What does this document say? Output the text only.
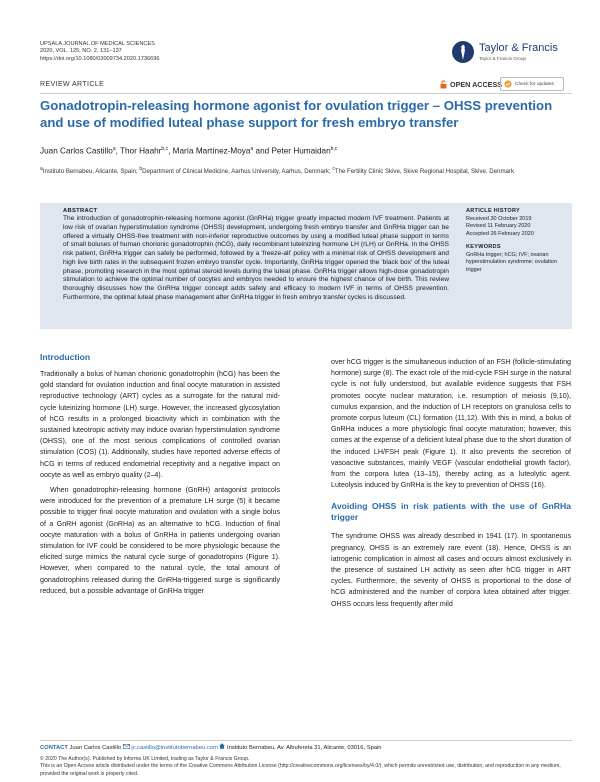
UPSALA JOURNAL OF MEDICAL SCIENCES
2020, VOL. 125, NO. 2, 131–137
https://doi.org/10.1080/03009734.2020.1736696
Taylor & Francis
Taylor & Francis Group
REVIEW ARTICLE	OPEN ACCESS	Check for updates
Gonadotropin-releasing hormone agonist for ovulation trigger – OHSS prevention and use of modified luteal phase support for fresh embryo transfer
Juan Carlos Castillo$^a$, Thor Haahr$^{b,c}$, María Martínez-Moya$^a$ and Peter Humaidan$^{b,c}$
$^a$Instituto Bernabeu, Alicante, Spain; $^b$Department of Clinical Medicine, Aarhus University, Aarhus, Denmark; $^c$The Fertility Clinic Skive, Skive Regional Hospital, Skive, Denmark
ABSTRACT
The introduction of gonadotrophin-releasing hormone agonist (GnRHa) trigger greatly impacted modern IVF treatment. Patients at low risk of ovarian hyperstimulation syndrome (OHSS) development, undergoing fresh embryo transfer and GnRHa trigger can be offered a virtually OHSS-free treatment with non-inferior reproductive outcomes by using a modified luteal phase support in terms of small boluses of human chorionic gonadotrophin (hCG), daily recombinant luteinizing hormone LH (rLH) or GnRHa. In the OHSS risk patient, GnRHa trigger can safely be performed, followed by a 'freeze-all' policy with a minimal risk of OHSS development and high live birth rates in the subsequent frozen embryo transfer cycle. Importantly, GnRHa trigger opened the 'black box' of the luteal phase, promoting research in the most optimal steroid levels during the luteal phase. GnRHa trigger allows high-dose gonadotropin stimulation to achieve the optimal number of oocytes and embryos needed to ensure the highest chance of live birth. This review thoroughly discusses how the GnRHa trigger concept adds safety and efficacy to modern IVF in terms of OHSS prevention. Furthermore, the optimal luteal phase management after GnRHa trigger in fresh embryo transfer cycles is discussed.
ARTICLE HISTORY
Received 30 October 2019
Revised 11 February 2020
Accepted 26 February 2020
KEYWORDS
GnRHa trigger; hCG; IVF; ovarian hyperstimulation syndrome; ovulation trigger
Introduction

Traditionally a bolus of human chorionic gonadotrophin (hCG) has been the gold standard for ovulation induction and final oocyte maturation in assisted reproductive technology (ART) cycles as a surrogate for the natural mid-cycle luteinizing hormone (LH) surge. However, the increased glycosylation of hCG results in a prolonged bioactivity which in combination with the sustained luteotropic activity may induce ovarian hyperstimulation syndrome (OHSS), one of the most serious complications of controlled ovarian stimulation (COS) (1). Additionally, studies have reported adverse effects of hCG in terms of reduced endometrial receptivity and a negative impact on oocyte as well as embryo quality (2–4).

When gonadotrophin-releasing hormone (GnRH) antagonist protocols were introduced for the prevention of a premature LH surge (5) it became possible to trigger final oocyte maturation and ovulation with a single bolus of a GnRH agonist (GnRHa) as an alternative to hCG. Induction of final oocyte maturation with a bolus of GnRHa in patients undergoing ovarian stimulation for IVF could be considered to be more physiologic because the elicited surge mimics the natural cycle surge of gonadotropins (Figure 1). However, when compared to the natural cycle, the total amount of gonadotrophins released during the GnRHa-triggered surge is significantly reduced, but a possible advantage of GnRHa trigger

over hCG trigger is the simultaneous induction of an FSH (follicle-stimulating hormone) surge (8). The exact role of the mid-cycle FSH surge in the natural cycle is not fully understood, but available evidence suggests that FSH promotes oocyte nuclear maturation, i.e. resumption of meiosis (9,10), cumulus expansion, and the induction of LH receptors on granulosa cells to promote corpus luteum (CL) formation (11,12). With this in mind, a bolus of GnRHa induces a more physiologic final oocyte maturation; however, this comes at the expense of a deficient luteal phase due to the short duration of the induced LH/FSH peak (Figure 1). It also prevents the secretion of vasoactive substances, mainly VEGF (vascular endothelial growth factor), from the corpora lutea (13–15), thereby acting as a luteolytic agent. Luteolysis induced by GnRHa is the key to prevention of OHSS (16).

Avoiding OHSS in risk patients with the use of GnRHa trigger

The syndrome OHSS was already described in 1941 (17). In spontaneous pregnancy, OHSS is an extremely rare event (18). Hence, OHSS is an iatrogenic complication in almost all cases and occurs almost exclusively in the presence of sustained LH activity as seen after hCG trigger in ART cycles. Furthermore, the severity of OHSS is proportional to the dose of hCG administered and the number of corpora lutea obtained after trigger. OHSS occurs less frequently after mild

CONTACT Juan Carlos Castillo jc.castillo@institutobernabeu.com Instituto Bernabeu, Av. Albufereta 31, Alicante, 03016, Spain
© 2020 The Author(s). Published by Informa UK Limited, trading as Taylor & Francis Group.
This is an Open Access article distributed under the terms of the Creative Commons Attribution License (http://creativecommons.org/licenses/by/4.0/), which permits unrestricted use, distribution, and reproduction in any medium, provided the original work is properly cited.
